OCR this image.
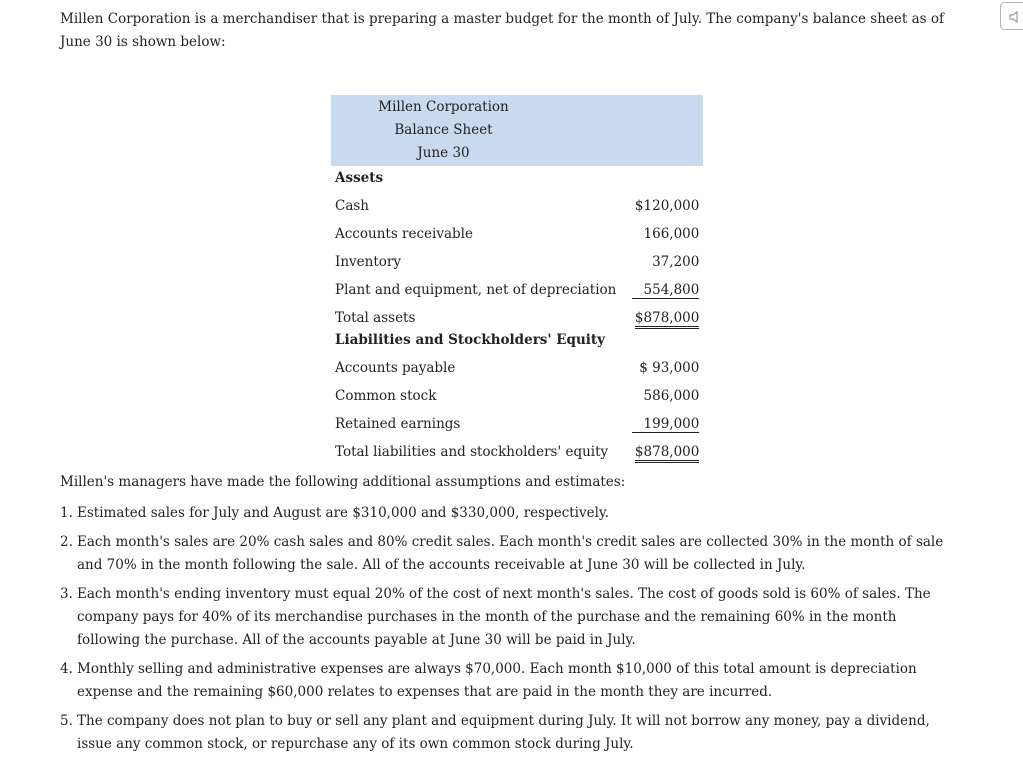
Millen Corporation is a merchandiser that is preparing a master budget for the month of July. The company's balance sheet as of June 30 is shown below:

Millen Corporation
Balance Sheet
June 30	

Assets	
Cash	$120,000
Accounts receivable	166,000
Inventory	37,200
Plant and equipment, net of depreciation	554,800
Total assets	$878,000
Liabilities and Stockholders' Equity	
Accounts payable	$ 93,000
Common stock	586,000
Retained earnings	199,000
Total liabilities and stockholders' equity	$878,000

Millen's managers have made the following additional assumptions and estimates:

1. Estimated sales for July and August are $310,000 and $330,000, respectively.
2. Each month's sales are 20% cash sales and 80% credit sales. Each month's credit sales are collected 30% in the month of sale and 70% in the month following the sale. All of the accounts receivable at June 30 will be collected in July.
3. Each month's ending inventory must equal 20% of the cost of next month's sales. The cost of goods sold is 60% of sales. The company pays for 40% of its merchandise purchases in the month of the purchase and the remaining 60% in the month following the purchase. All of the accounts payable at June 30 will be paid in July.
4. Monthly selling and administrative expenses are always $70,000. Each month $10,000 of this total amount is depreciation expense and the remaining $60,000 relates to expenses that are paid in the month they are incurred.
5. The company does not plan to buy or sell any plant and equipment during July. It will not borrow any money, pay a dividend, issue any common stock, or repurchase any of its own common stock during July.
